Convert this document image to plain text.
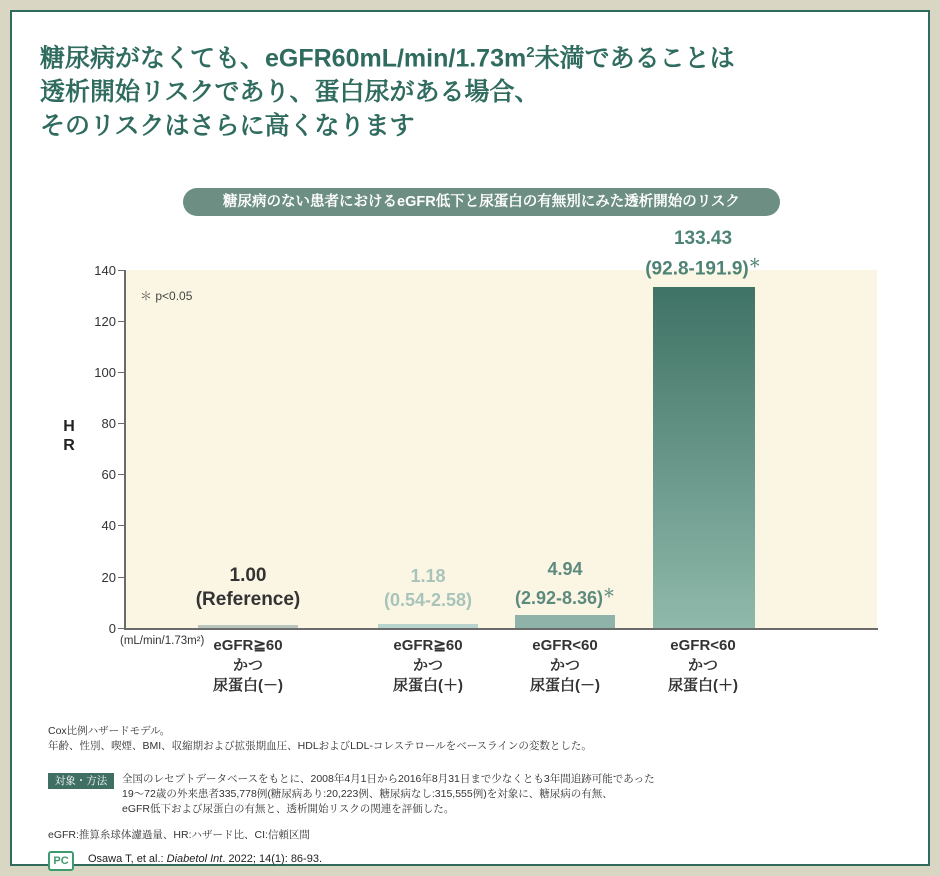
糖尿病がなくても、$eGFR60mL/\min/1.73m^2$未満であることは
透析開始リスクであり、蛋白尿がある場合、
そのリスクはさらに高くなります
糖尿病のない患者におけるeGFR低下と尿蛋白の有無別にみた透析開始のリスク
140
120
100
80
60
40
20
0
H
R
＊ p<0.05
(mL/min/1.73m²)
1.00
(Reference)
eGFR≧60
かつ
尿蛋白(－)
1.18
(0.54-2.58)
eGFR≧60
かつ
尿蛋白(＋)
4.94
(2.92-8.36)＊
eGFR<60
かつ
尿蛋白(－)
133.43
(92.8-191.9)＊
eGFR<60
かつ
尿蛋白(＋)
Cox比例ハザードモデル。
年齢、性別、喫煙、BMI、収縮期および拡張期血圧、HDLおよびLDL-コレステロールをベースラインの変数とした。
対象・方法	全国のレセプトデータベースをもとに、2008年4月1日から2016年8月31日まで少なくとも3年間追跡可能であった
19〜72歳の外来患者335,778例(糖尿病あり:20,223例、糖尿病なし:315,555例)を対象に、糖尿病の有無、
eGFR低下および尿蛋白の有無と、透析開始リスクの関連を評価した。
eGFR:推算糸球体濾過量、HR:ハザード比、CI:信頼区間
PC	Osawa T, et al.: Diabetol Int. 2022; 14(1): 86-93.
